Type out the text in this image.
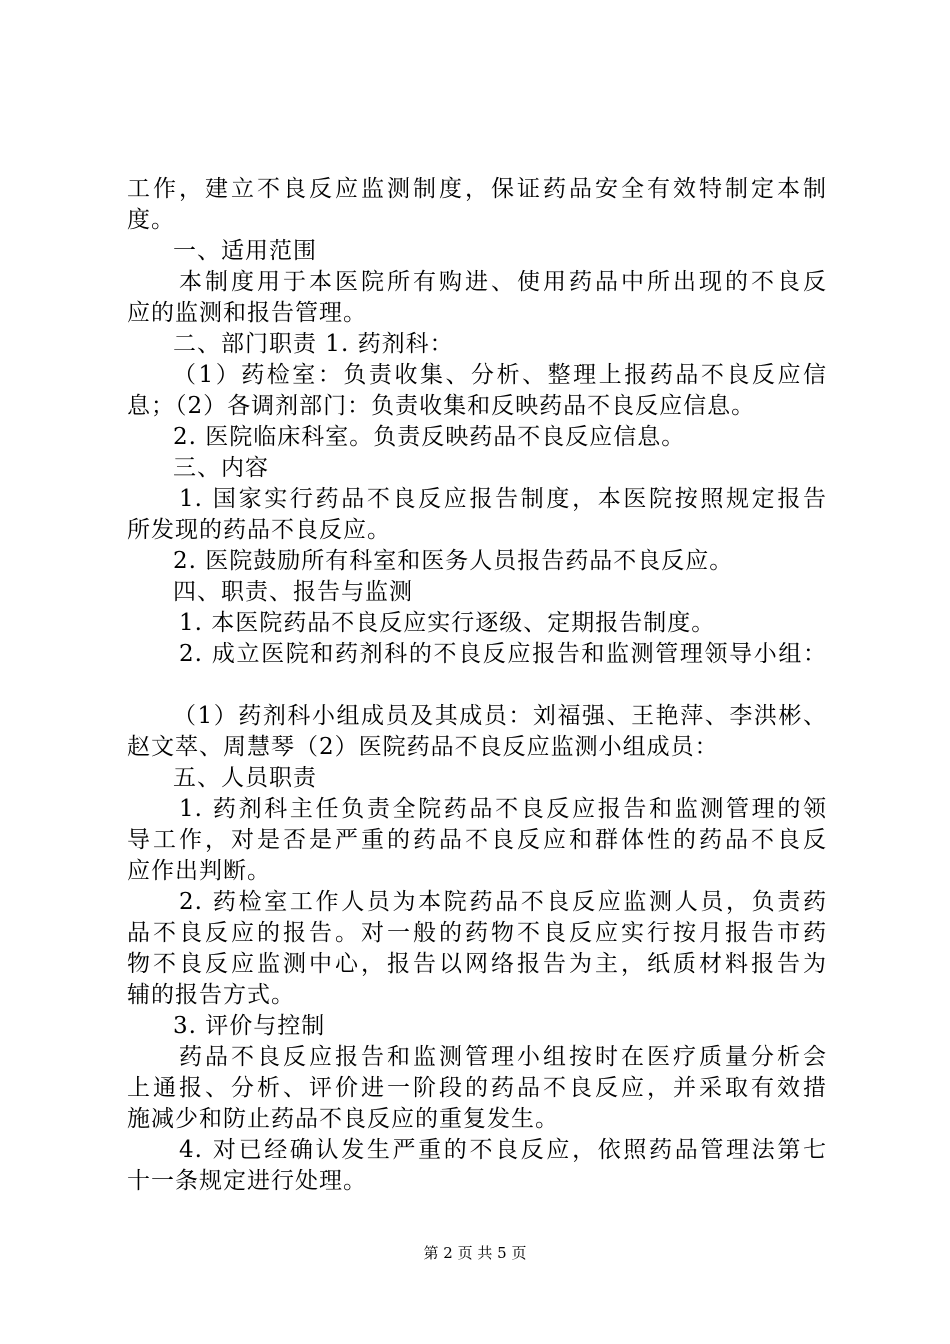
工作，建立不良反应监测制度，保证药品安全有效特制定本制
度。
一、适用范围
本制度用于本医院所有购进、使用药品中所出现的不良反
应的监测和报告管理。
二、部门职责 1. 药剂科：
（1）药检室：负责收集、分析、整理上报药品不良反应信
息；（2）各调剂部门：负责收集和反映药品不良反应信息。
2. 医院临床科室。负责反映药品不良反应信息。
三、内容
1. 国家实行药品不良反应报告制度，本医院按照规定报告
所发现的药品不良反应。
2. 医院鼓励所有科室和医务人员报告药品不良反应。
四、职责、报告与监测
1. 本医院药品不良反应实行逐级、定期报告制度。
2. 成立医院和药剂科的不良反应报告和监测管理领导小组：
（1）药剂科小组成员及其成员：刘福强、王艳萍、李洪彬、
赵文萃、周慧琴（2）医院药品不良反应监测小组成员：
五、人员职责
1. 药剂科主任负责全院药品不良反应报告和监测管理的领
导工作，对是否是严重的药品不良反应和群体性的药品不良反
应作出判断。
2. 药检室工作人员为本院药品不良反应监测人员，负责药
品不良反应的报告。对一般的药物不良反应实行按月报告市药
物不良反应监测中心，报告以网络报告为主，纸质材料报告为
辅的报告方式。
3. 评价与控制
药品不良反应报告和监测管理小组按时在医疗质量分析会
上通报、分析、评价进一阶段的药品不良反应，并采取有效措
施减少和防止药品不良反应的重复发生。
4. 对已经确认发生严重的不良反应，依照药品管理法第七
十一条规定进行处理。
第 2 页 共 5 页
